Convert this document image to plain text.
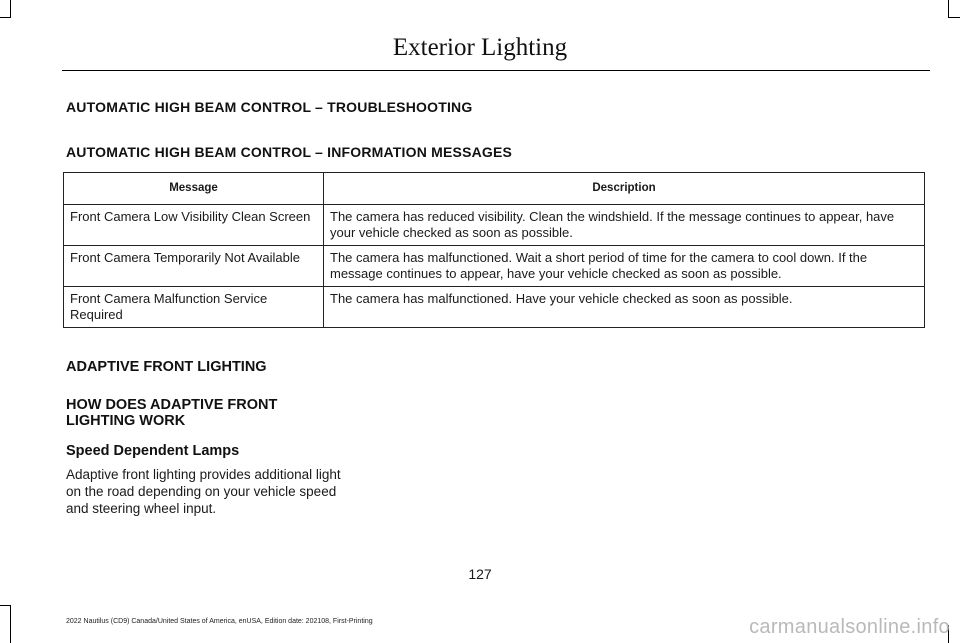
Exterior Lighting
AUTOMATIC HIGH BEAM CONTROL – TROUBLESHOOTING
AUTOMATIC HIGH BEAM CONTROL – INFORMATION MESSAGES
Message	Description
Front Camera Low Visibility Clean Screen	The camera has reduced visibility. Clean the windshield. If the message continues to appear, have your vehicle checked as soon as possible.
Front Camera Temporarily Not Available	The camera has malfunctioned. Wait a short period of time for the camera to cool down. If the message continues to appear, have your vehicle checked as soon as possible.
Front Camera Malfunction Service Required	The camera has malfunctioned. Have your vehicle checked as soon as possible.
ADAPTIVE FRONT LIGHTING
HOW DOES ADAPTIVE FRONT LIGHTING WORK
Speed Dependent Lamps
Adaptive front lighting provides additional light on the road depending on your vehicle speed and steering wheel input.
127
2022 Nautilus (CD9) Canada/United States of America, enUSA, Edition date: 202108, First-Printing	carmanualsonline.info
